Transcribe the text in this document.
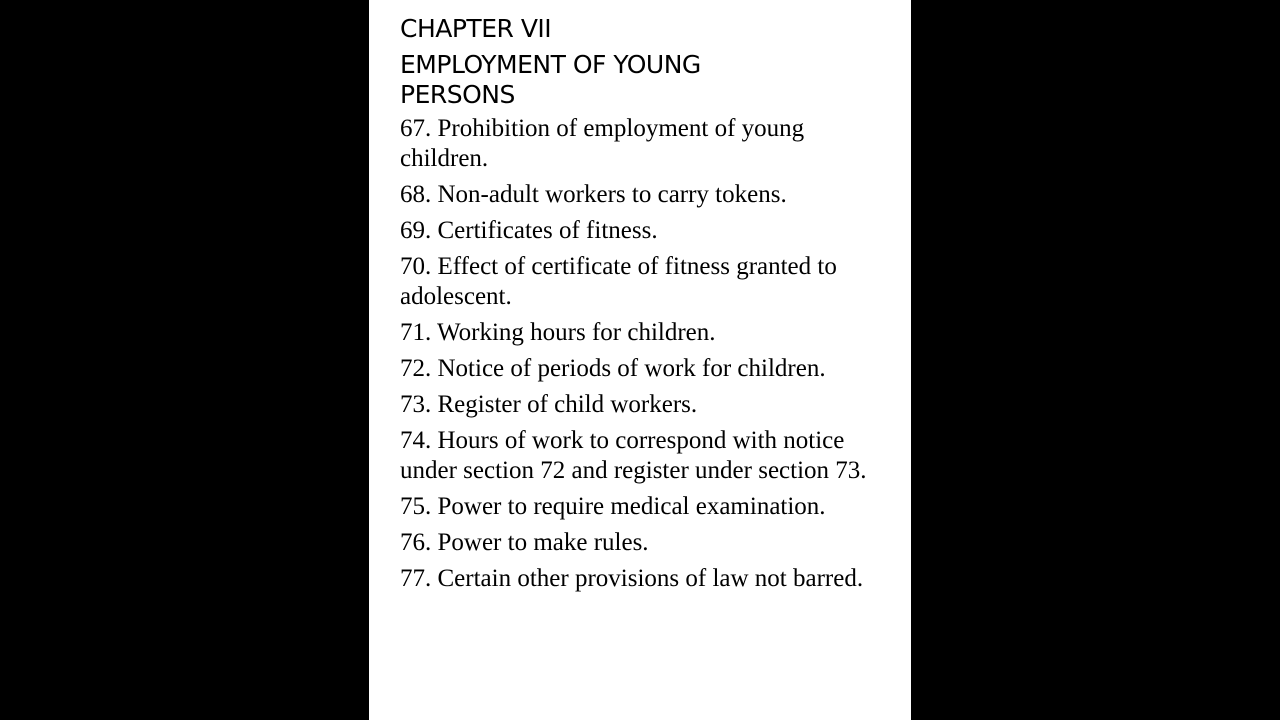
CHAPTER VII
EMPLOYMENT OF YOUNG PERSONS
67. Prohibition of employment of young children.
68. Non-adult workers to carry tokens.
69. Certificates of fitness.
70. Effect of certificate of fitness granted to adolescent.
71. Working hours for children.
72. Notice of periods of work for children.
73. Register of child workers.
74. Hours of work to correspond with notice under section 72 and register under section 73.
75. Power to require medical examination.
76. Power to make rules.
77. Certain other provisions of law not barred.
